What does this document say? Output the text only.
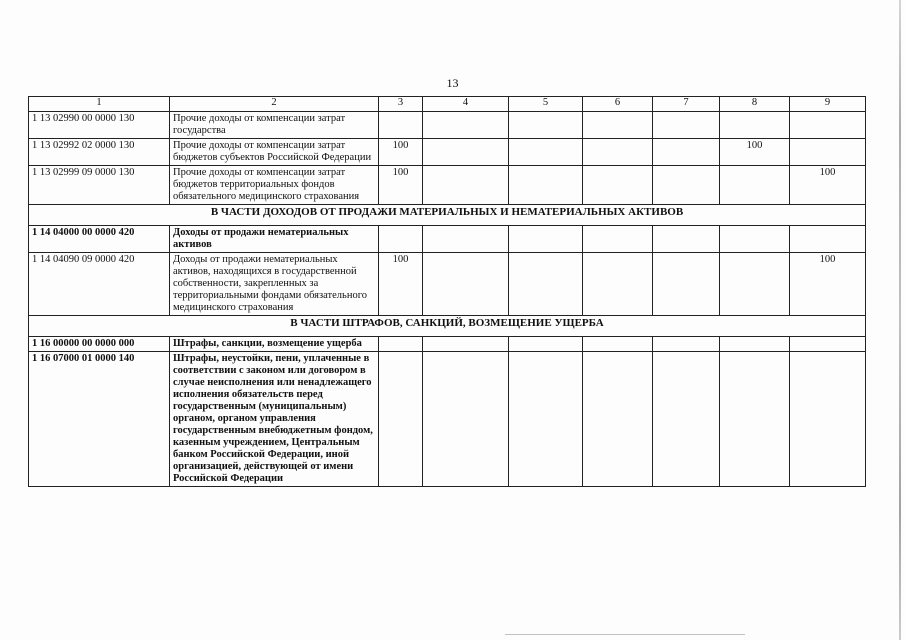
13
1	2	3	4	5	6	7	8	9
1 13 02990 00 0000 130	Прочие доходы от компенсации затрат государства							
1 13 02992 02 0000 130	Прочие доходы от компенсации затрат бюджетов субъектов Российской Федерации	100					100	
1 13 02999 09 0000 130	Прочие доходы от компенсации затрат бюджетов территориальных фондов обязательного медицинского страхования	100						100
В ЧАСТИ ДОХОДОВ ОТ ПРОДАЖИ МАТЕРИАЛЬНЫХ И НЕМАТЕРИАЛЬНЫХ АКТИВОВ								
1 14 04000 00 0000 420	Доходы от продажи нематериальных активов							
1 14 04090 09 0000 420	Доходы от продажи нематериальных активов, находящихся в государственной собственности, закрепленных за территориальными фондами обязательного медицинского страхования	100						100
В ЧАСТИ ШТРАФОВ, САНКЦИЙ, ВОЗМЕЩЕНИЕ УЩЕРБА								
1 16 00000 00 0000 000	Штрафы, санкции, возмещение ущерба							
1 16 07000 01 0000 140	Штрафы, неустойки, пени, уплаченные в соответствии с законом или договором в случае неисполнения или ненадлежащего исполнения обязательств перед государственным (муниципальным) органом, органом управления государственным внебюджетным фондом, казенным учреждением, Центральным банком Российской Федерации, иной организацией, действующей от имени Российской Федерации							
